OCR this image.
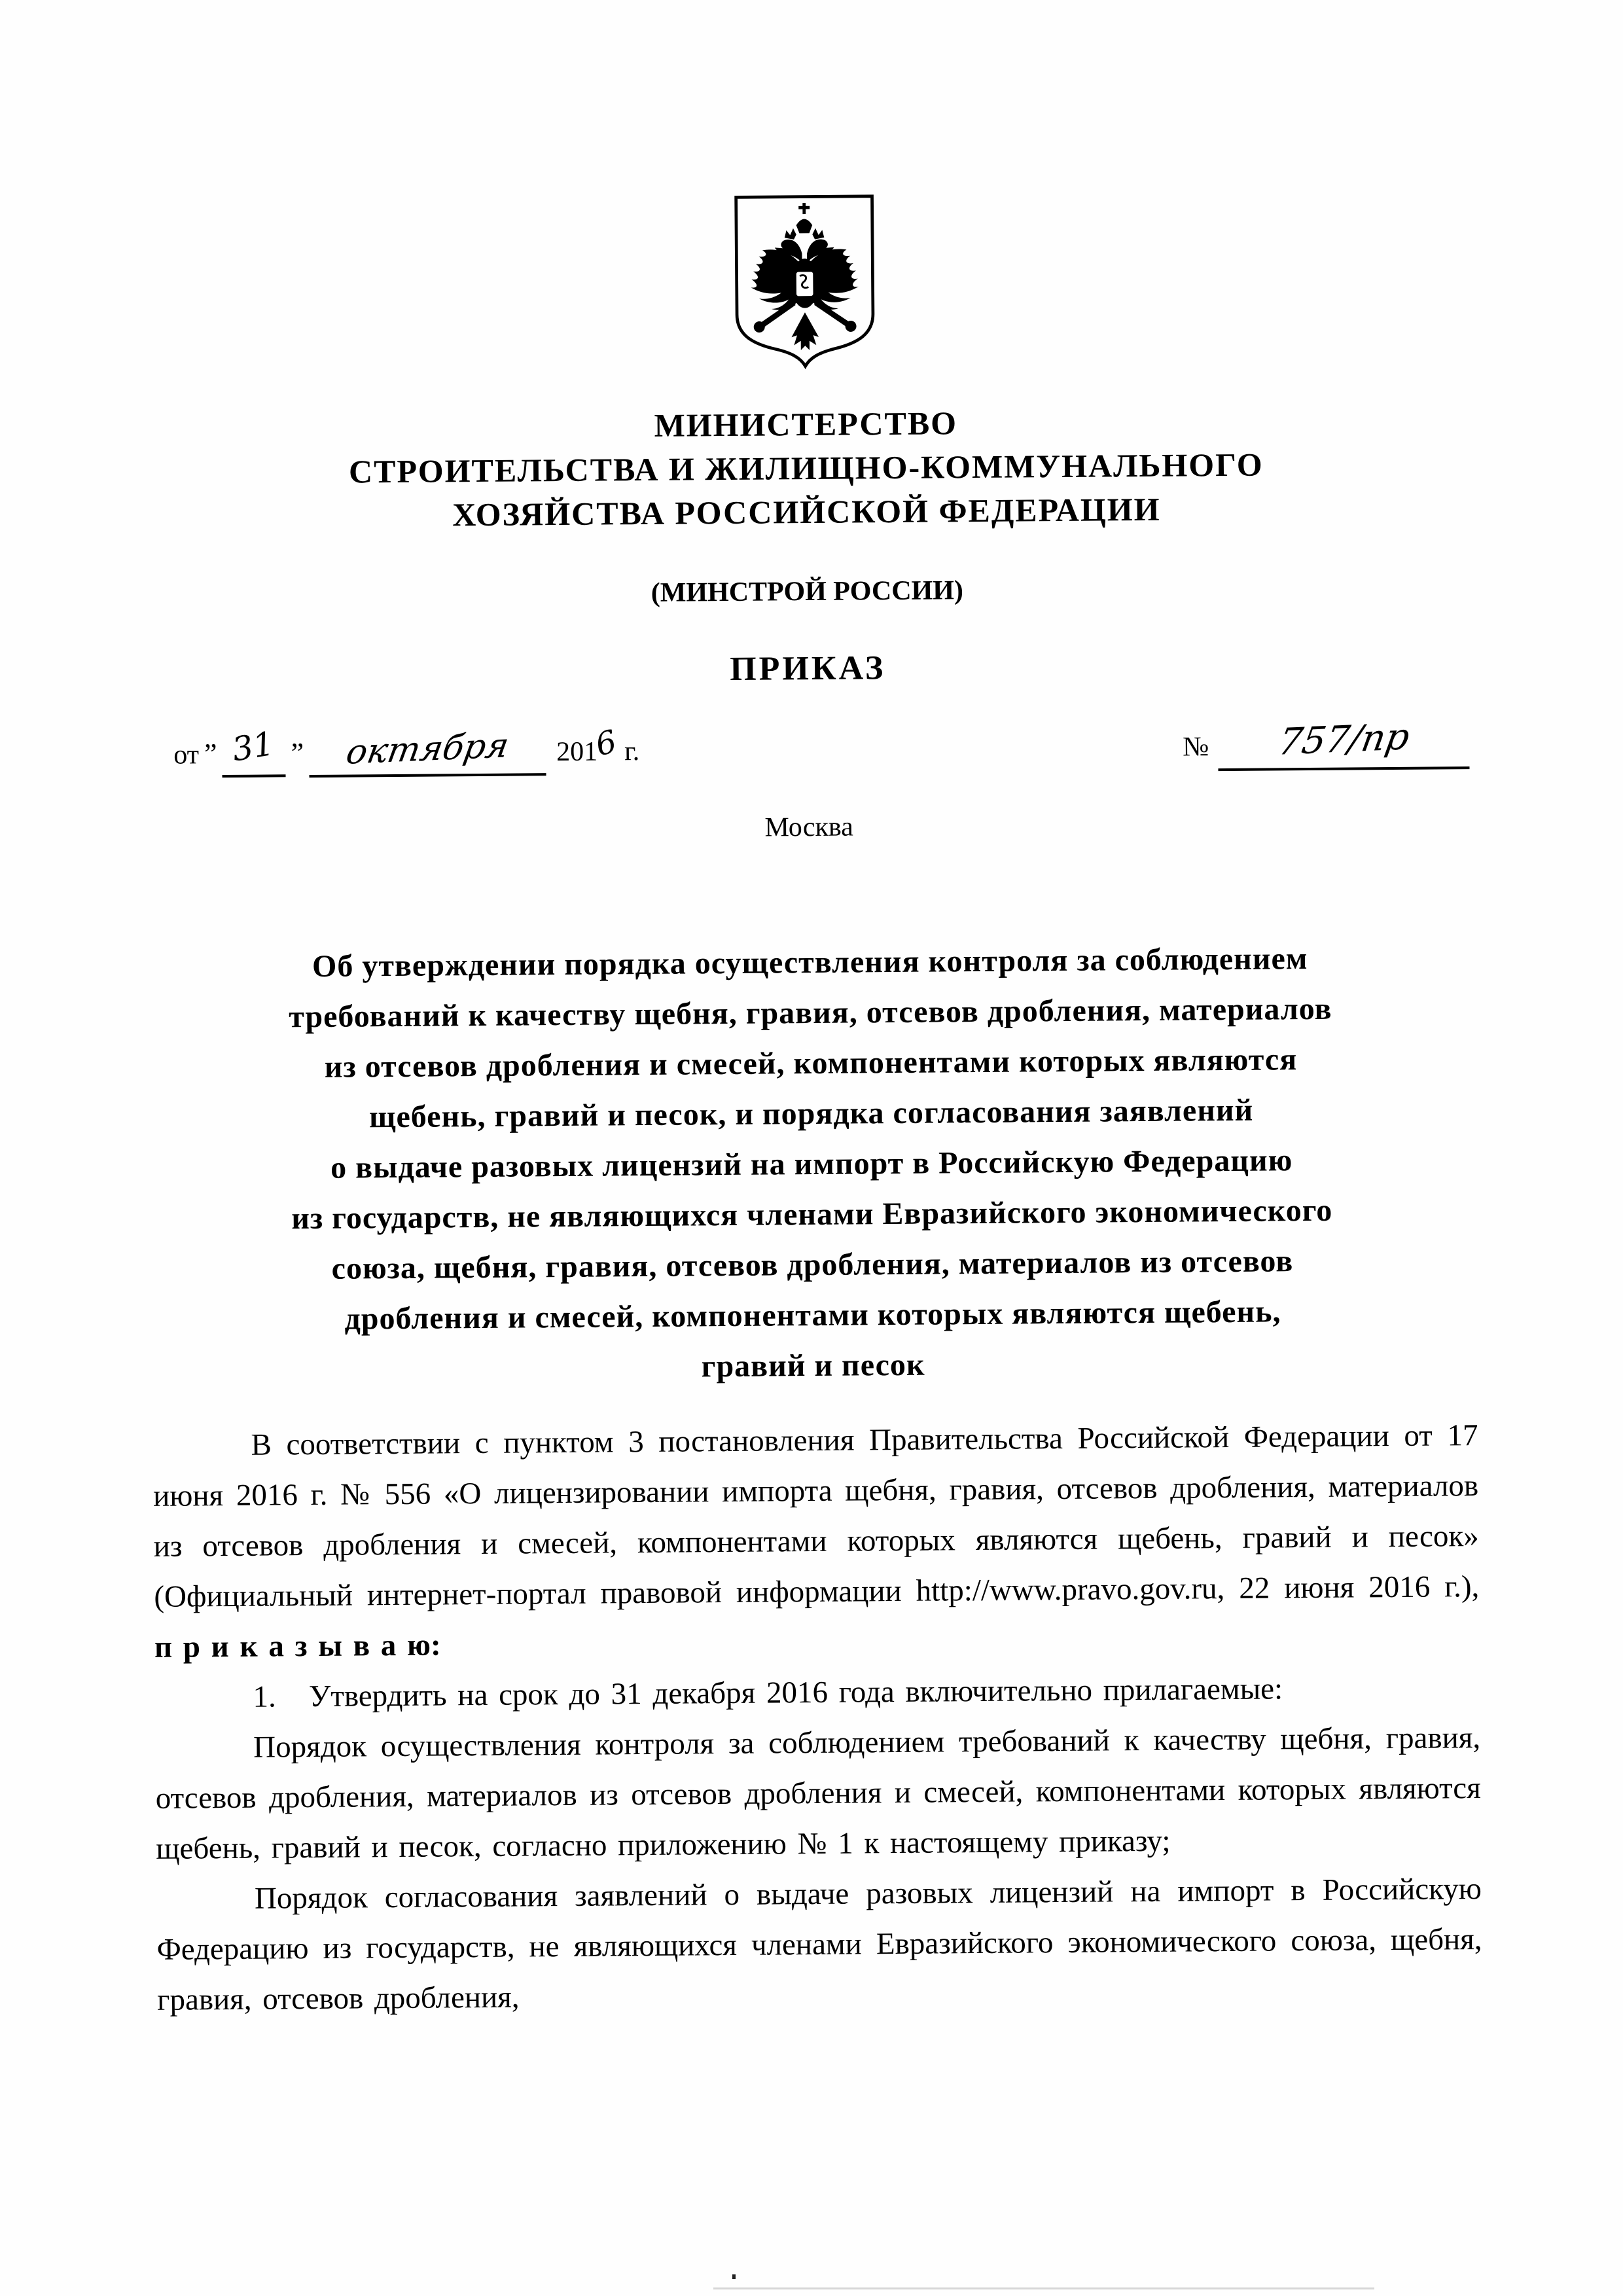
МИНИСТЕРСТВО
СТРОИТЕЛЬСТВА И ЖИЛИЩНО-КОММУНАЛЬНОГО
ХОЗЯЙСТВА РОССИЙСКОЙ ФЕДЕРАЦИИ
(МИНСТРОЙ РОССИИ)
ПРИКАЗ
от ” 31 ” октября 2016 г.	№ 757/пр
Москва
Об утверждении порядка осуществления контроля за соблюдением
требований к качеству щебня, гравия, отсевов дробления, материалов
из отсевов дробления и смесей, компонентами которых являются
щебень, гравий и песок, и порядка согласования заявлений
о выдаче разовых лицензий на импорт в Российскую Федерацию
из государств, не являющихся членами Евразийского экономического
союза, щебня, гравия, отсевов дробления, материалов из отсевов
дробления и смесей, компонентами которых являются щебень,
гравий и песок

В соответствии с пунктом 3 постановления Правительства Российской Федерации от 17 июня 2016 г. № 556 «О лицензировании импорта щебня, гравия, отсевов дробления, материалов из отсевов дробления и смесей, компонентами которых являются щебень, гравий и песок» (Официальный интернет-портал правовой информации http://www.pravo.gov.ru, 22 июня 2016 г.), п р и к а з ы в а ю:

1.   Утвердить на срок до 31 декабря 2016 года включительно прилагаемые:

Порядок осуществления контроля за соблюдением требований к качеству щебня, гравия, отсевов дробления, материалов из отсевов дробления и смесей, компонентами которых являются щебень, гравий и песок, согласно приложению № 1 к настоящему приказу;

Порядок согласования заявлений о выдаче разовых лицензий на импорт в Российскую Федерацию из государств, не являющихся членами Евразийского экономического союза, щебня, гравия, отсевов дробления,
